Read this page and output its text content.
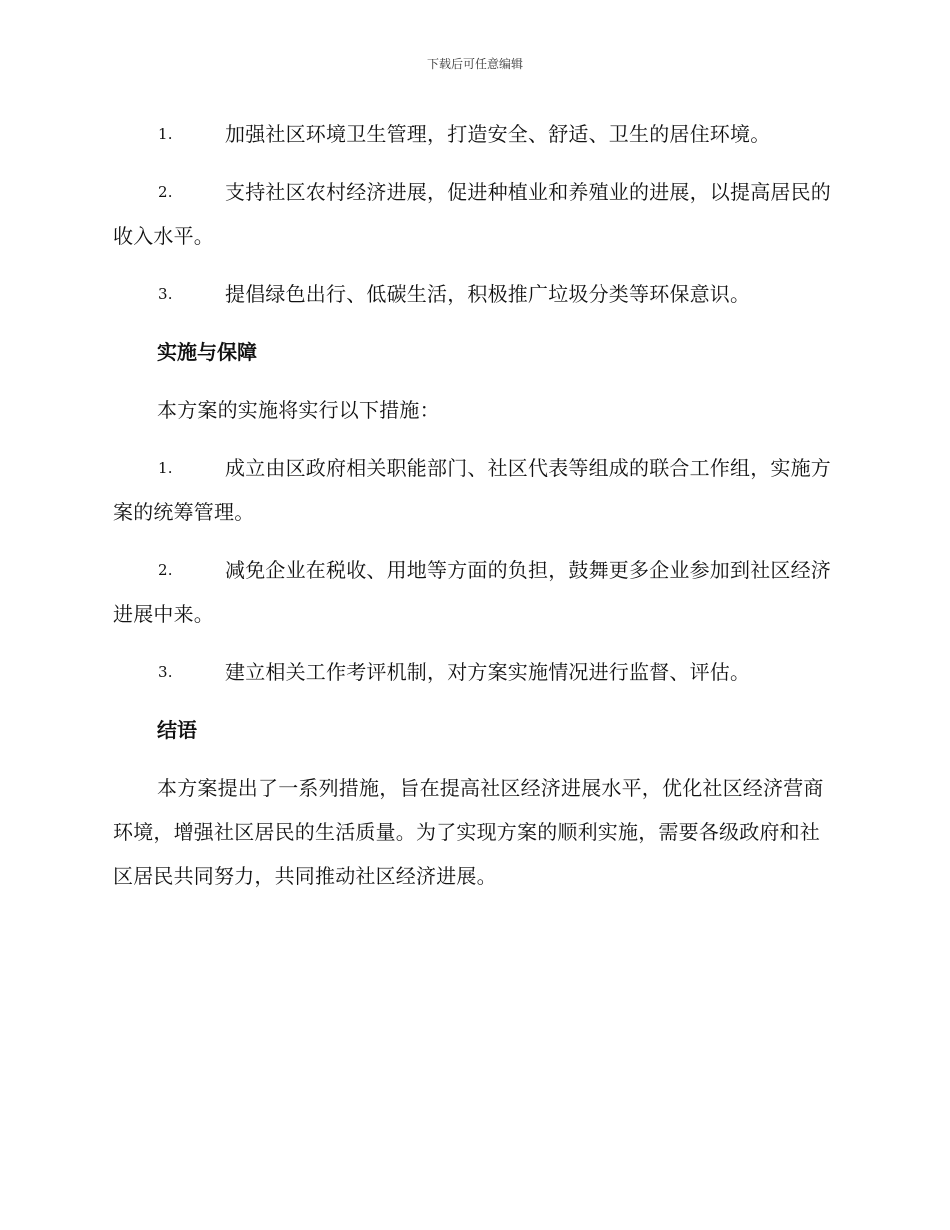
下载后可任意编辑
1.	加强社区环境卫生管理，打造安全、舒适、卫生的居住环境。
2.	支持社区农村经济进展，促进种植业和养殖业的进展，以提高居民的收入水平。
3.	提倡绿色出行、低碳生活，积极推广垃圾分类等环保意识。
实施与保障
本方案的实施将实行以下措施：
1.	成立由区政府相关职能部门、社区代表等组成的联合工作组，实施方案的统筹管理。
2.	减免企业在税收、用地等方面的负担，鼓舞更多企业参加到社区经济进展中来。
3.	建立相关工作考评机制，对方案实施情况进行监督、评估。
结语
本方案提出了一系列措施，旨在提高社区经济进展水平，优化社区经济营商环境，增强社区居民的生活质量。为了实现方案的顺利实施，需要各级政府和社区居民共同努力，共同推动社区经济进展。
